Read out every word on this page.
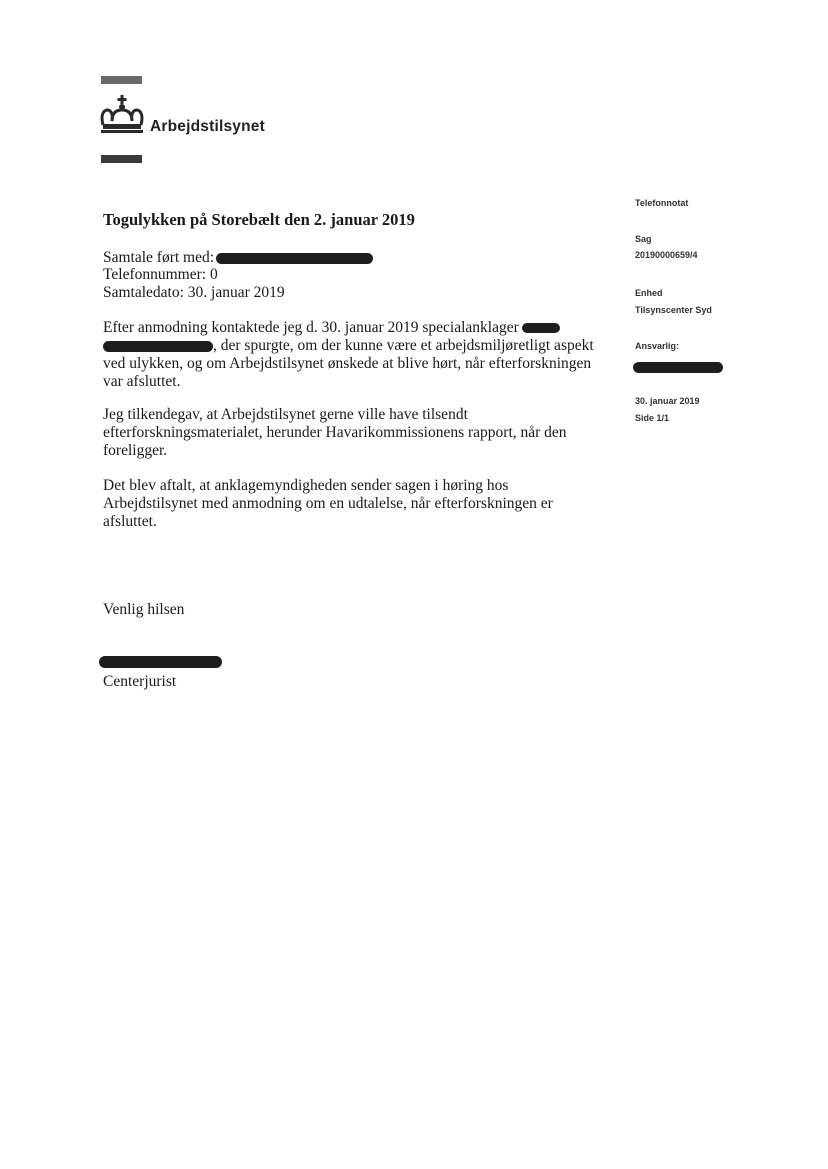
Arbejdstilsynet
Togulykken på Storebælt den 2. januar 2019
Samtale ført med:
Telefonnummer: 0
Samtaledato: 30. januar 2019
Efter anmodning kontaktede jeg d. 30. januar 2019 specialanklager
, der spurgte, om der kunne være et arbejdsmiljøretligt aspekt
ved ulykken, og om Arbejdstilsynet ønskede at blive hørt, når efterforskningen
var afsluttet.
Jeg tilkendegav, at Arbejdstilsynet gerne ville have tilsendt
efterforskningsmaterialet, herunder Havarikommissionens rapport, når den
foreligger.
Det blev aftalt, at anklagemyndigheden sender sagen i høring hos
Arbejdstilsynet med anmodning om en udtalelse, når efterforskningen er
afsluttet.
Venlig hilsen
Centerjurist
Telefonnotat
Sag
20190000659/4
Enhed
Tilsynscenter Syd
Ansvarlig:
30. januar 2019
Side 1/1
